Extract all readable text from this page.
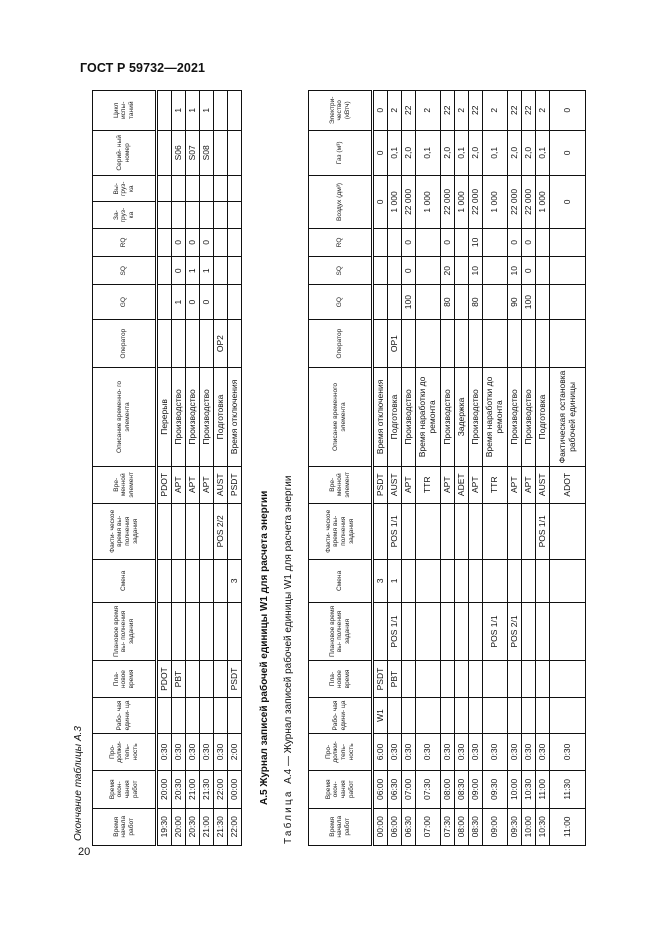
ГОСТ Р 59732—2021
Окончание таблицы А.3	Время начала работ	Время окон- чания работ	Про- должи- тель- ность	Рабо- чая едини- ца	Пла- новое время	Плановое время вы- полнения задания	Смена	Факти- ческое время вы- полнения задания	Вре- менной элемент	Описание временно- го элемента	Оператор	GQ	SQ	RQ	За- груз- ка	Вы- груз- ка	Серий- ный номер	Цикл испы- таний
19:30	20:00	0:30		PDOT				PDOT	Перерыв								
20:00	20:30	0:30		PBT				APT	Производство		1	0	0			S06	1
20:30	21:00	0:30						APT	Производство		0	1	0			S07	1
21:00	21:30	0:30						APT	Производство		0	1	0			S08	1
21:30	22:00	0:30					POS 2/2	AUST	Подготовка	OP2							
22:00	00:00	2:00		PSDT		3		PSDT	Время отключения								
А.5 Журнал записей рабочей единицы W1 для расчета энергии
Таблица  А.4 — Журнал записей рабочей единицы W1 для расчета энергии
Время начала работ	Время окон- чания работ	Про- должи- тель- ность	Рабо- чая едини- ца	Пла- новое время	Плановое время вы- полнения задания	Смена	Факти- ческое время вы- полнения задания	Вре- менной элемент	Описание временного элемента	Оператор	GQ	SQ	RQ	Воздух (дм³)	Газ (м³)	Электри- чество (кВтч)
00:00	06:00	6:00	W1	PSDT		3		PSDT	Время отключения					0	0	0
06:00	06:30	0:30		PBT	POS 1/1	1	POS 1/1	AUST	Подготовка	OP1				1 000	0,1	2
06:30	07:00	0:30						APT	Производство		100	0	0	22 000	2,0	22
07:00	07:30	0:30						TTR	Время наработки до ремонта					1 000	0,1	2
07:30	08:00	0:30						APT	Производство		80	20	0	22 000	2,0	22
08:00	08:30	0:30						ADET	Задержка					1 000	0,1	2
08:30	09:00	0:30						APT	Производство		80	10	10	22 000	2,0	22
09:00	09:30	0:30			POS 1/1			TTR	Время наработки до ремонта					1 000	0,1	2
09:30	10:00	0:30			POS 2/1			APT	Производство		90	10	0	22 000	2,0	22
10:00	10:30	0:30						APT	Производство		100	0	0	22 000	2,0	22
10:30	11:00	0:30					POS 1/1	AUST	Подготовка					1 000	0,1	2
11:00	11:30	0:30						ADOT	Фактическая остановка рабочей единицы					0	0	0
20
